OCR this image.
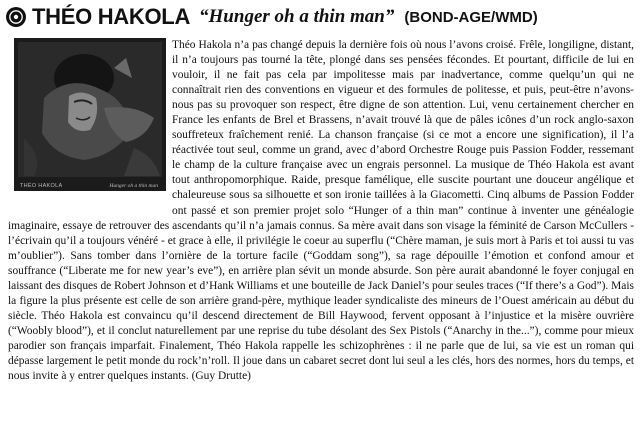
THÉO HAKOLA “Hunger oh a thin man” (BOND-AGE/WMD)
THÉO HAKOLA	Hunger oh a thin man

Théo Hakola n’a pas changé depuis la dernière fois où nous l’avons croisé. Frêle, longiligne, distant, il n’a toujours pas tourné la tête, plongé dans ses pensées fécondes. Et pourtant, difficile de lui en vouloir, il ne fait pas cela par impolitesse mais par inadvertance, comme quelqu’un qui ne connaîtrait rien des conventions en vigueur et des formules de politesse, et puis, peut-être n’avons-nous pas su provoquer son respect, être digne de son attention. Lui, venu certainement chercher en France les enfants de Brel et Brassens, n’avait trouvé là que de pâles icônes d’un rock anglo-saxon souffreteux fraîchement renié. La chanson française (si ce mot a encore une signification), il l’a réactivée tout seul, comme un grand, avec d’abord Orchestre Rouge puis Passion Fodder, ressemant le champ de la culture française avec un engrais personnel. La musique de Théo Hakola est avant tout anthropomorphique. Raide, presque famélique, elle suscite pourtant une douceur angélique et chaleureuse sous sa silhouette et son ironie taillées à la Giacometti. Cinq albums de Passion Fodder ont passé et son premier projet solo “Hunger of a thin man” continue à inventer une généalogie imaginaire, essaye de retrouver des ascendants qu’il n’a jamais connus. Sa mère avait dans son visage la féminité de Carson McCullers - l’écrivain qu’il a toujours vénéré - et grace à elle, il privilégie le coeur au superflu (“Chère maman, je suis mort à Paris et toi aussi tu vas m’oublier”). Sans tomber dans l’ornière de la torture facile (“Goddam song”), sa rage dépouille l’émotion et confond amour et souffrance (“Liberate me for new year’s eve”), en arrière plan sévit un monde absurde. Son père aurait abandonné le foyer conjugal en laissant des disques de Robert Johnson et d’Hank Williams et une bouteille de Jack Daniel’s pour seules traces (“If there’s a God”). Mais la figure la plus présente est celle de son arrière grand-père, mythique leader syndicaliste des mineurs de l’Ouest américain au début du siècle. Théo Hakola est convaincu qu’il descend directement de Bill Haywood, fervent opposant à l’injustice et la misère ouvrière (“Woobly blood”), et il conclut naturellement par une reprise du tube désolant des Sex Pistols (“Anarchy in the...”), comme pour mieux parodier son français imparfait. Finalement, Théo Hakola rappelle les schizophrènes : il ne parle que de lui, sa vie est un roman qui dépasse largement le petit monde du rock’n’roll. Il joue dans un cabaret secret dont lui seul a les clés, hors des normes, hors du temps, et nous invite à y entrer quelques instants. (Guy Drutte)
